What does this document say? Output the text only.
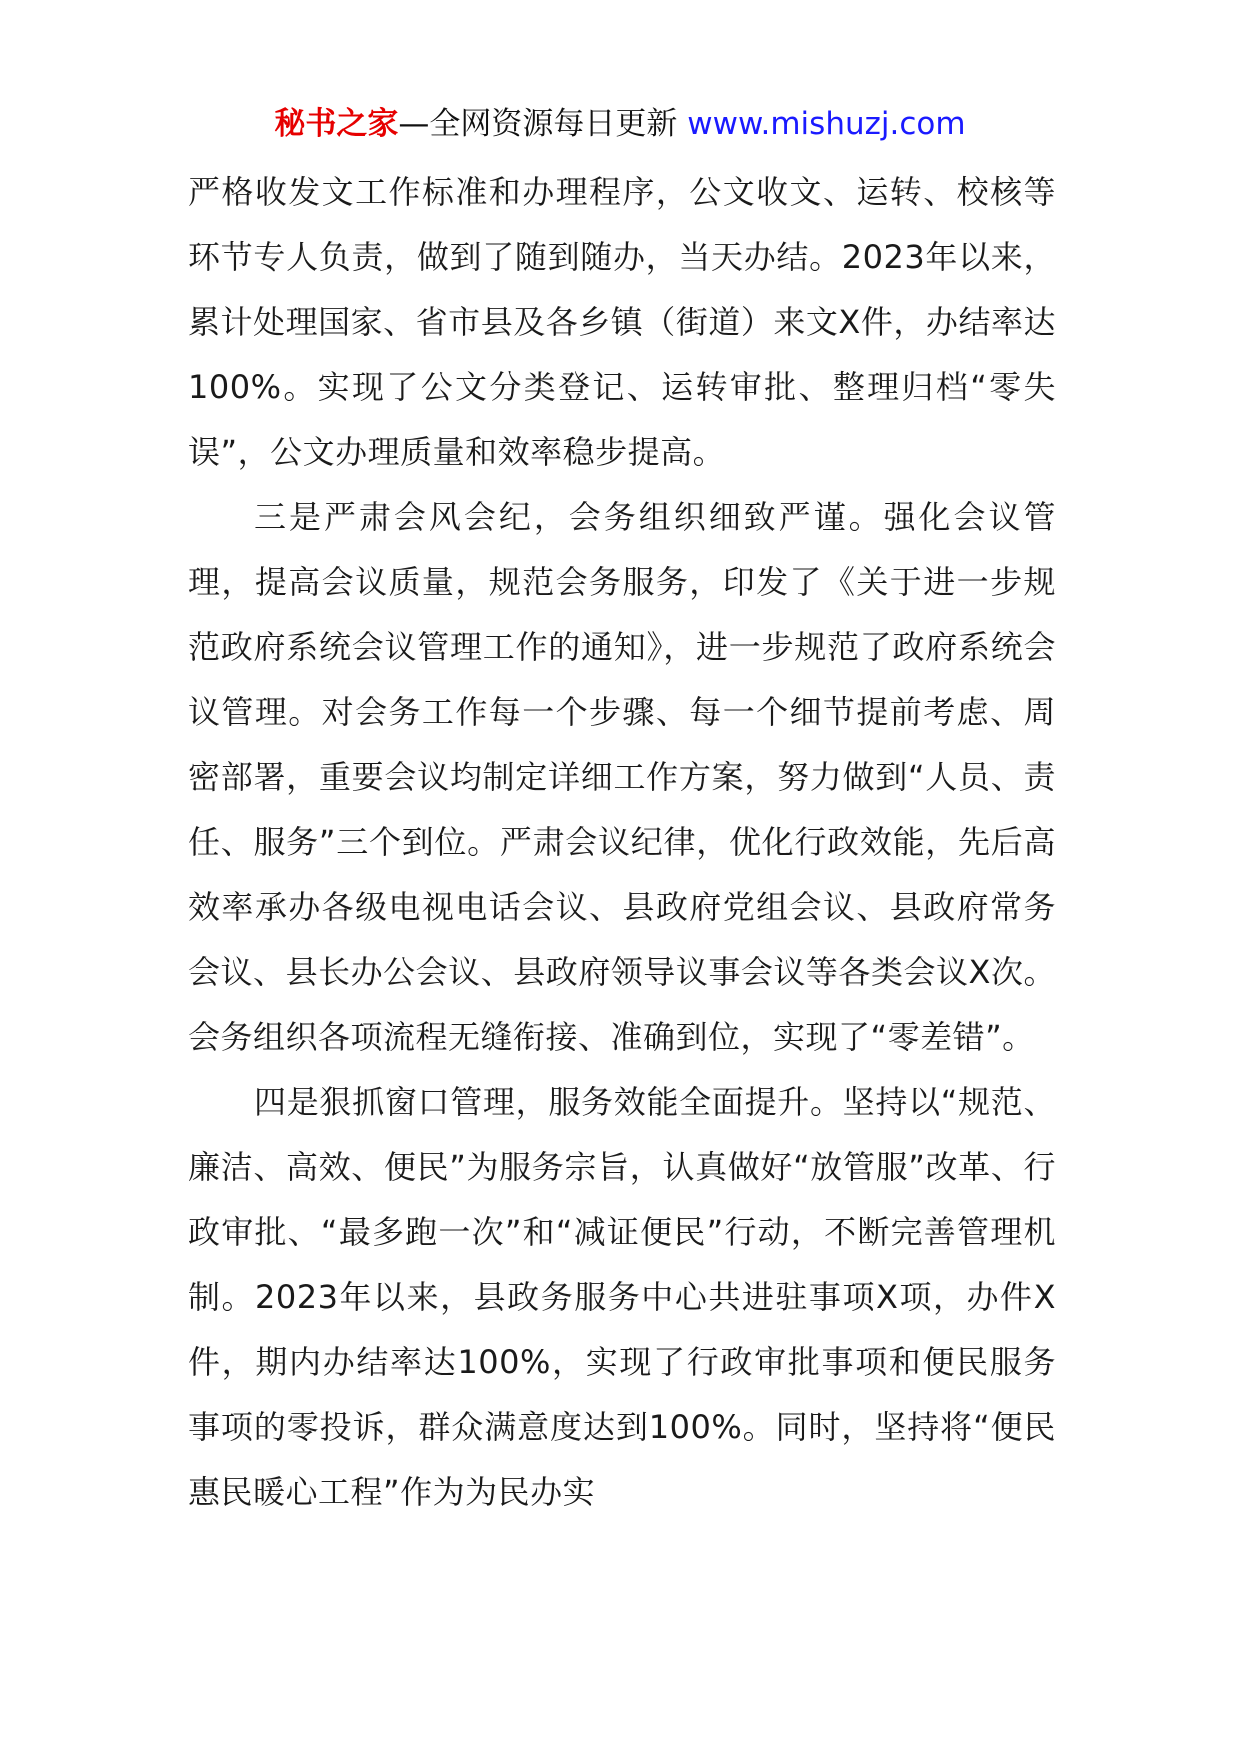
秘书之家—全网资源每日更新 www.mishuzj.com

严格收发文工作标准和办理程序，公文收文、运转、校核等环节专人负责，做到了随到随办，当天办结。2023年以来，累计处理国家、省市县及各乡镇（街道）来文X件，办结率达100%。实现了公文分类登记、运转审批、整理归档“零失误”，公文办理质量和效率稳步提高。

三是严肃会风会纪，会务组织细致严谨。强化会议管理，提高会议质量，规范会务服务，印发了《关于进一步规范政府系统会议管理工作的通知》，进一步规范了政府系统会议管理。对会务工作每一个步骤、每一个细节提前考虑、周密部署，重要会议均制定详细工作方案，努力做到“人员、责任、服务”三个到位。严肃会议纪律，优化行政效能，先后高效率承办各级电视电话会议、县政府党组会议、县政府常务会议、县长办公会议、县政府领导议事会议等各类会议X次。会务组织各项流程无缝衔接、准确到位，实现了“零差错”。

四是狠抓窗口管理，服务效能全面提升。坚持以“规范、廉洁、高效、便民”为服务宗旨，认真做好“放管服”改革、行政审批、“最多跑一次”和“减证便民”行动，不断完善管理机制。2023年以来，县政务服务中心共进驻事项X项，办件X件，期内办结率达100%，实现了行政审批事项和便民服务事项的零投诉，群众满意度达到100%。同时，坚持将“便民惠民暖心工程”作为为民办实
